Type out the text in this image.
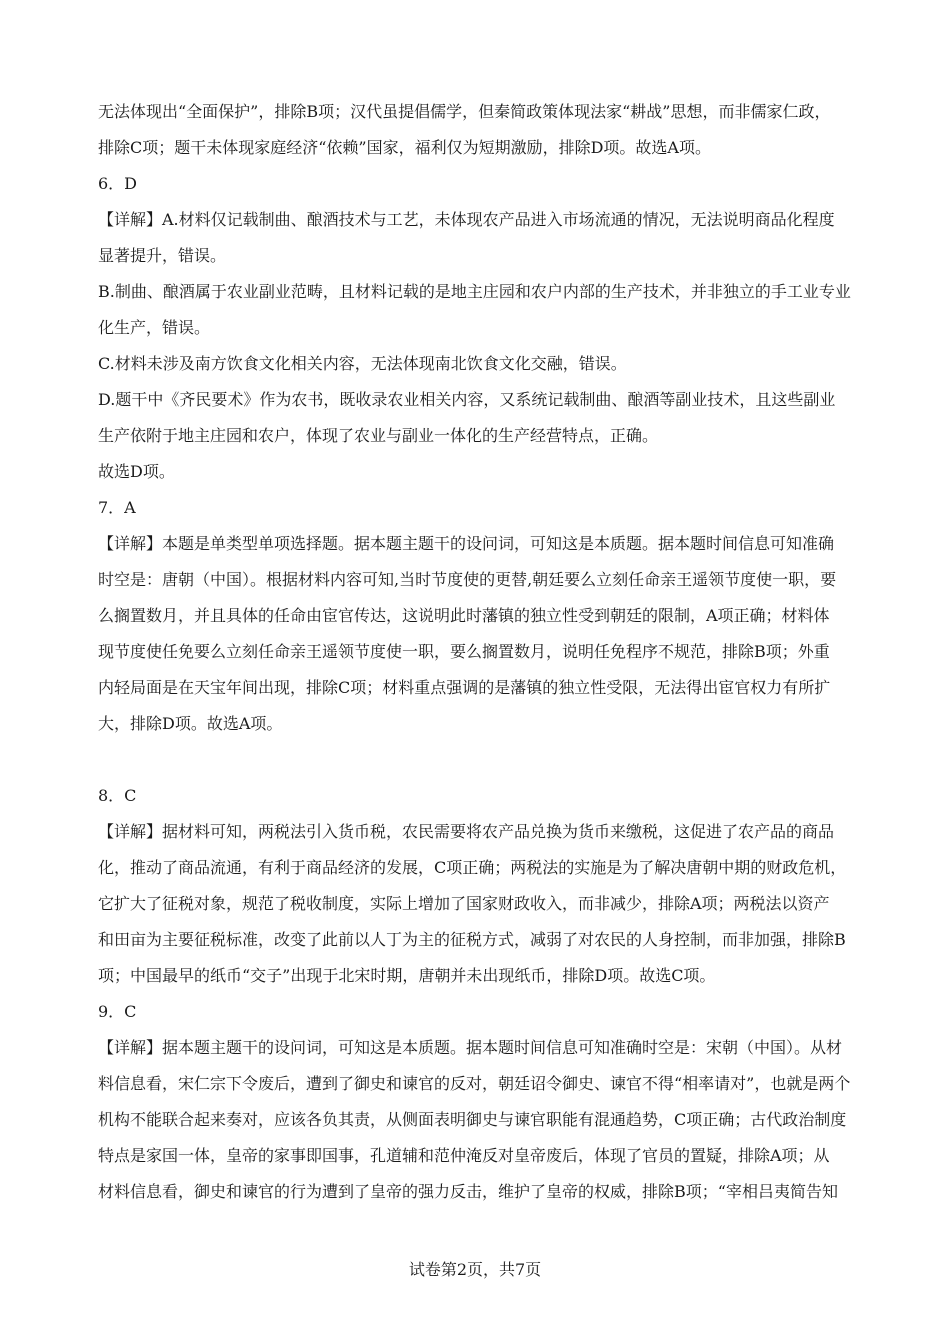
无法体现出“全面保护”，排除B项；汉代虽提倡儒学，但秦简政策体现法家“耕战”思想，而非儒家仁政，
排除C项；题干未体现家庭经济“依赖”国家，福利仅为短期激励，排除D项。故选A项。
6．D
【详解】A.材料仅记载制曲、酿酒技术与工艺，未体现农产品进入市场流通的情况，无法说明商品化程度
显著提升，错误。
B.制曲、酿酒属于农业副业范畴，且材料记载的是地主庄园和农户内部的生产技术，并非独立的手工业专业
化生产，错误。
C.材料未涉及南方饮食文化相关内容，无法体现南北饮食文化交融，错误。
D.题干中《齐民要术》作为农书，既收录农业相关内容，又系统记载制曲、酿酒等副业技术，且这些副业
生产依附于地主庄园和农户，体现了农业与副业一体化的生产经营特点，正确。
故选D项。
7．A
【详解】本题是单类型单项选择题。据本题主题干的设问词，可知这是本质题。据本题时间信息可知准确
时空是：唐朝（中国）。根据材料内容可知,当时节度使的更替,朝廷要么立刻任命亲王遥领节度使一职，要
么搁置数月，并且具体的任命由宦官传达，这说明此时藩镇的独立性受到朝廷的限制，A项正确；材料体
现节度使任免要么立刻任命亲王遥领节度使一职，要么搁置数月，说明任免程序不规范，排除B项；外重
内轻局面是在天宝年间出现，排除C项；材料重点强调的是藩镇的独立性受限，无法得出宦官权力有所扩
大，排除D项。故选A项。
8．C
【详解】据材料可知，两税法引入货币税，农民需要将农产品兑换为货币来缴税，这促进了农产品的商品
化，推动了商品流通，有利于商品经济的发展，C项正确；两税法的实施是为了解决唐朝中期的财政危机，
它扩大了征税对象，规范了税收制度，实际上增加了国家财政收入，而非减少，排除A项；两税法以资产
和田亩为主要征税标准，改变了此前以人丁为主的征税方式，减弱了对农民的人身控制，而非加强，排除B
项；中国最早的纸币“交子”出现于北宋时期，唐朝并未出现纸币，排除D项。故选C项。
9．C
【详解】据本题主题干的设问词，可知这是本质题。据本题时间信息可知准确时空是：宋朝（中国）。从材
料信息看，宋仁宗下令废后，遭到了御史和谏官的反对，朝廷诏令御史、谏官不得“相率请对”，也就是两个
机构不能联合起来奏对，应该各负其责，从侧面表明御史与谏官职能有混通趋势，C项正确；古代政治制度
特点是家国一体，皇帝的家事即国事，孔道辅和范仲淹反对皇帝废后，体现了官员的置疑，排除A项；从
材料信息看，御史和谏官的行为遭到了皇帝的强力反击，维护了皇帝的权威，排除B项；“宰相吕夷简告知
试卷第2页，共7页
